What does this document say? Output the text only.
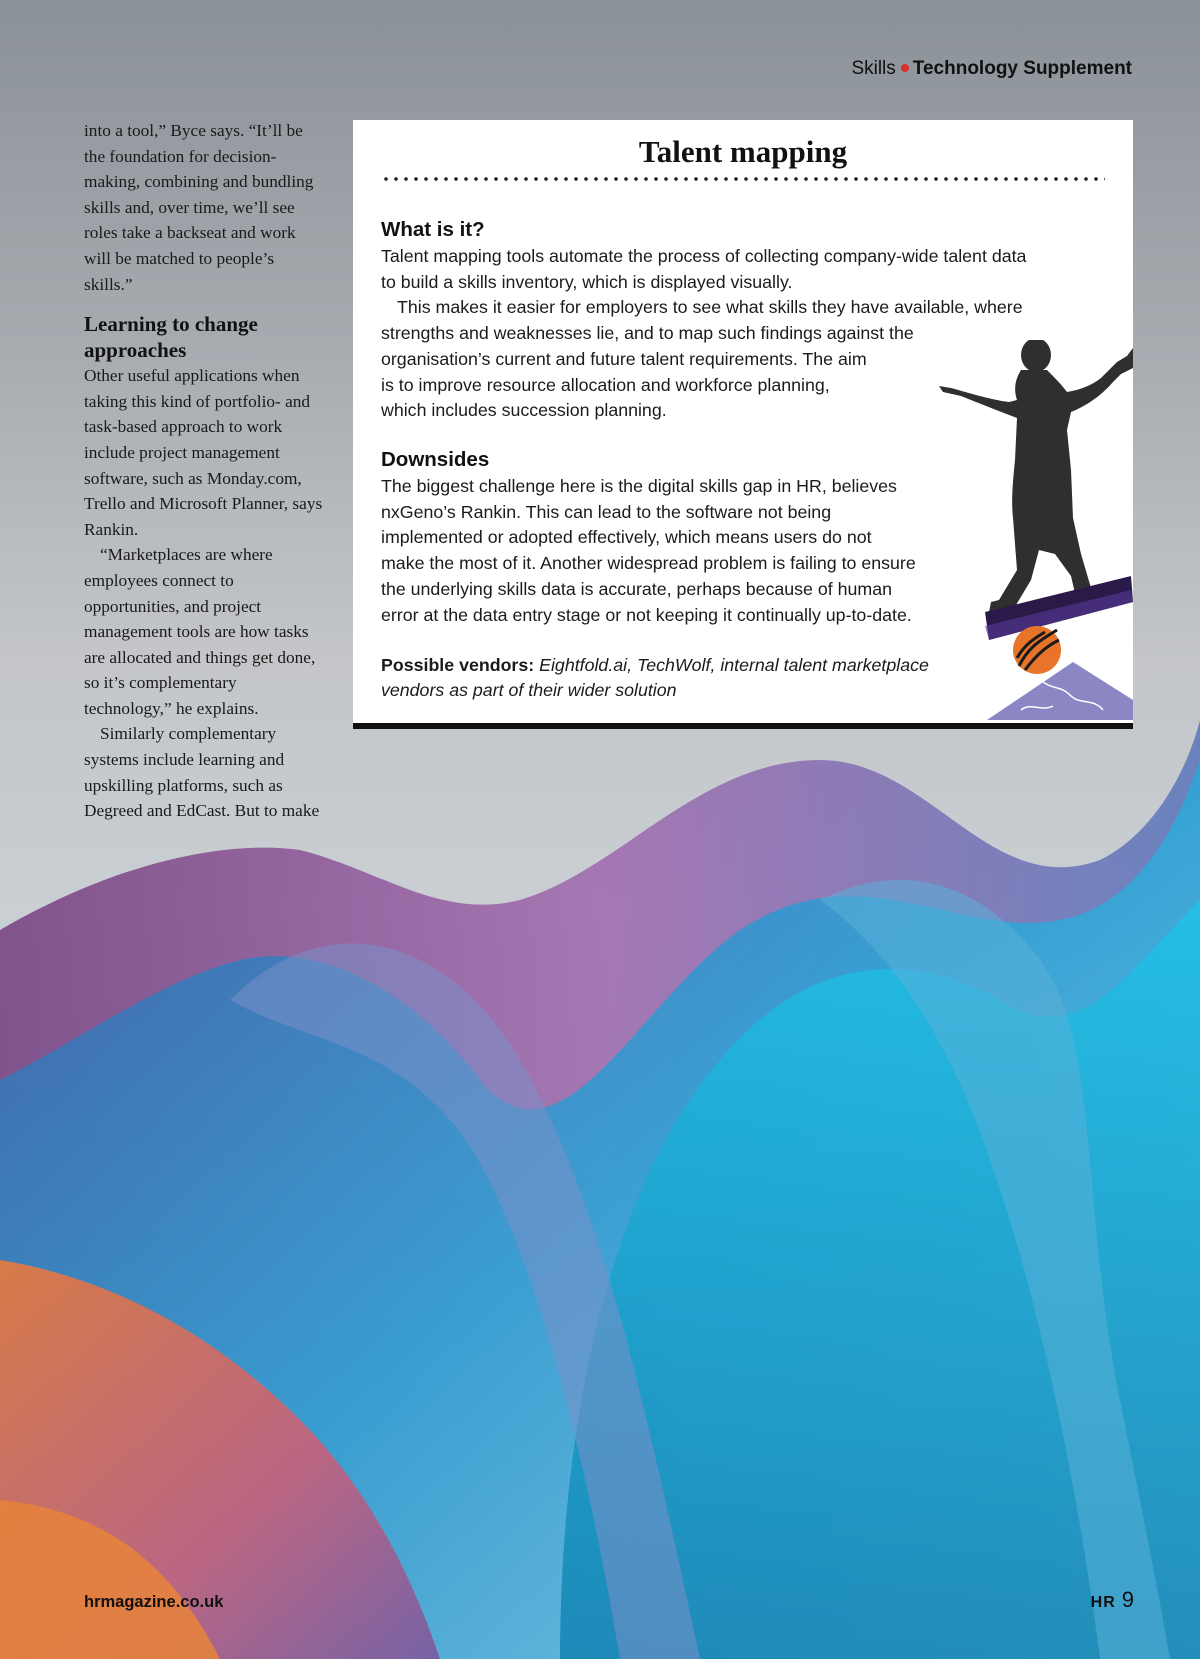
Skills Technology Supplement

into a tool,” Byce says. “It’ll be the foundation for decision-making, combining and bundling skills and, over time, we’ll see roles take a backseat and work will be matched to people’s skills.”

Learning to change approaches

Other useful applications when taking this kind of portfolio- and task-based approach to work include project management software, such as Monday.com, Trello and Microsoft Planner, says Rankin.

“Marketplaces are where employees connect to opportunities, and project management tools are how tasks are allocated and things get done, so it’s complementary technology,” he explains.

Similarly complementary systems include learning and upskilling platforms, such as Degreed and EdCast. But to make

Talent mapping
What is it?

Talent mapping tools automate the process of collecting company-wide talent data
to build a skills inventory, which is displayed visually.
This makes it easier for employers to see what skills they have available, where
strengths and weaknesses lie, and to map such findings against the
organisation’s current and future talent requirements. The aim
is to improve resource allocation and workforce planning,
which includes succession planning.

Downsides

The biggest challenge here is the digital skills gap in HR, believes
nxGeno’s Rankin. This can lead to the software not being
implemented or adopted effectively, which means users do not
make the most of it. Another widespread problem is failing to ensure
the underlying skills data is accurate, perhaps because of human
error at the data entry stage or not keeping it continually up-to-date.

Possible vendors: Eightfold.ai, TechWolf, internal talent marketplace vendors as part of their wider solution
hrmagazine.co.uk	HR 9
